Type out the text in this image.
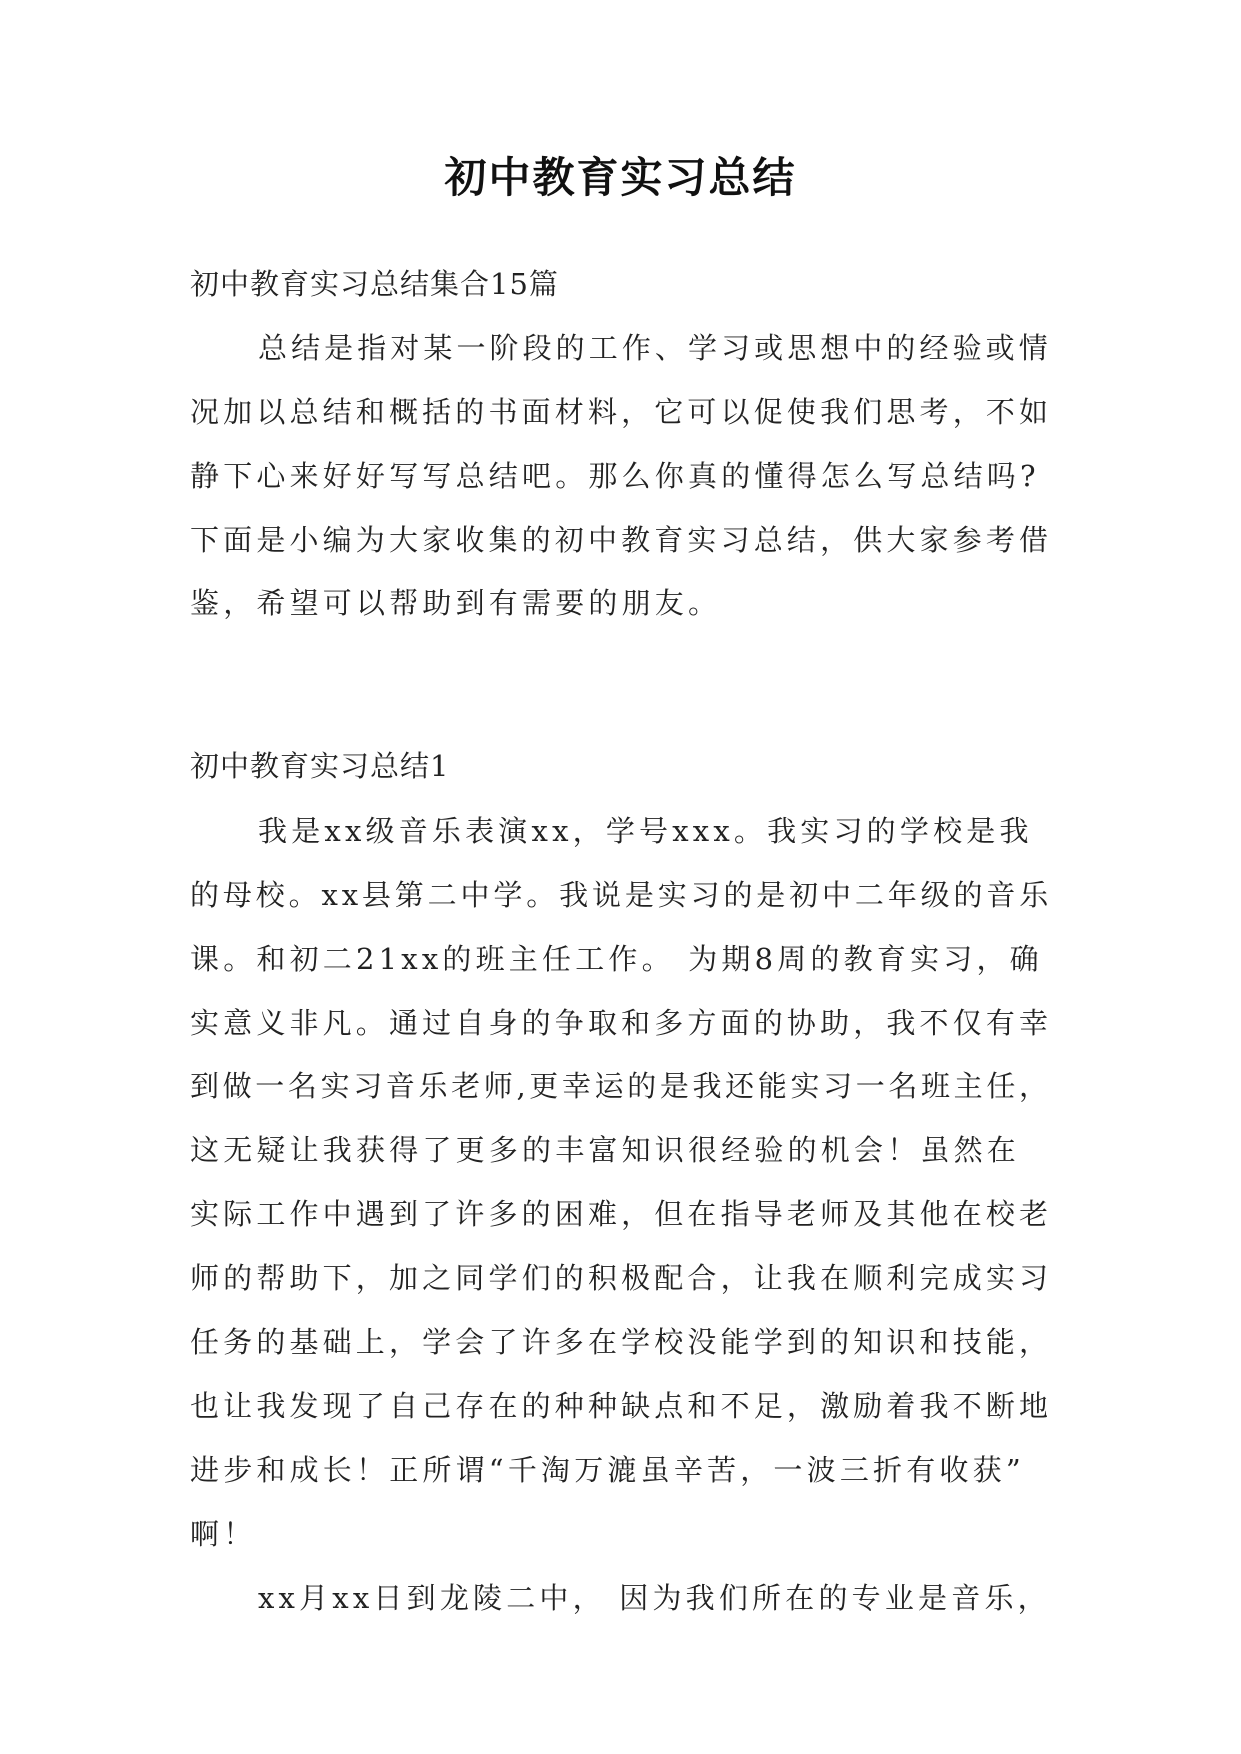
初中教育实习总结
初中教育实习总结集合15篇
总结是指对某一阶段的工作、学习或思想中的经验或情
况加以总结和概括的书面材料，它可以促使我们思考，不如
静下心来好好写写总结吧。那么你真的懂得怎么写总结吗?
下面是小编为大家收集的初中教育实习总结，供大家参考借
鉴，希望可以帮助到有需要的朋友。
初中教育实习总结1
我是xx级音乐表演xx，学号xxx。我实习的学校是我
的母校。xx县第二中学。我说是实习的是初中二年级的音乐
课。和初二21xx的班主任工作。 为期8周的教育实习，确
实意义非凡。通过自身的争取和多方面的协助，我不仅有幸
到做一名实习音乐老师,更幸运的是我还能实习一名班主任，
这无疑让我获得了更多的丰富知识很经验的机会！虽然在
实际工作中遇到了许多的困难，但在指导老师及其他在校老
师的帮助下，加之同学们的积极配合，让我在顺利完成实习
任务的基础上，学会了许多在学校没能学到的知识和技能，
也让我发现了自己存在的种种缺点和不足，激励着我不断地
进步和成长！正所谓“千淘万漉虽辛苦，一波三折有收获”
啊！
xx月xx日到龙陵二中， 因为我们所在的专业是音乐，
